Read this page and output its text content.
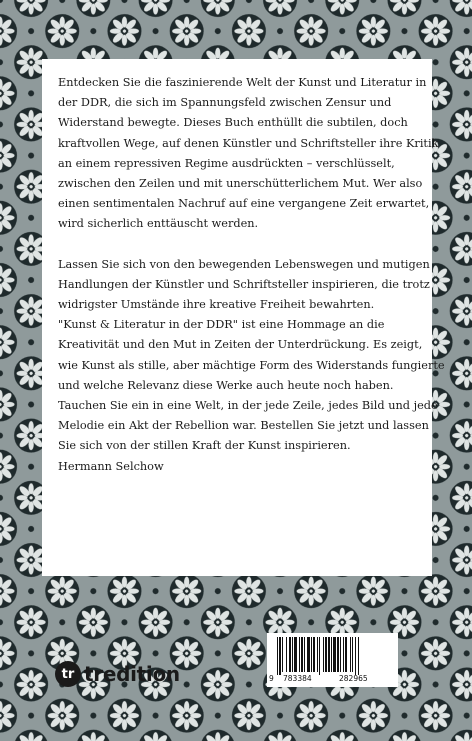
Entdecken Sie die faszinierende Welt der Kunst und Literatur in
der DDR, die sich im Spannungsfeld zwischen Zensur und
Widerstand bewegte. Dieses Buch enthüllt die subtilen, doch
kraftvollen Wege, auf denen Künstler und Schriftsteller ihre Kritik
an einem repressiven Regime ausdrückten – verschlüsselt,
zwischen den Zeilen und mit unerschütterlichem Mut. Wer also
einen sentimentalen Nachruf auf eine vergangene Zeit erwartet,
wird sicherlich enttäuscht werden.
Lassen Sie sich von den bewegenden Lebenswegen und mutigen
Handlungen der Künstler und Schriftsteller inspirieren, die trotz
widrigster Umstände ihre kreative Freiheit bewahrten.
"Kunst & Literatur in der DDR" ist eine Hommage an die
Kreativität und den Mut in Zeiten der Unterdrückung. Es zeigt,
wie Kunst als stille, aber mächtige Form des Widerstands fungierte
und welche Relevanz diese Werke auch heute noch haben.
Tauchen Sie ein in eine Welt, in der jede Zeile, jedes Bild und jede
Melodie ein Akt der Rebellion war. Bestellen Sie jetzt und lassen
Sie sich von der stillen Kraft der Kunst inspirieren.
Hermann Selchow
tr tredition	9 783384	282965
